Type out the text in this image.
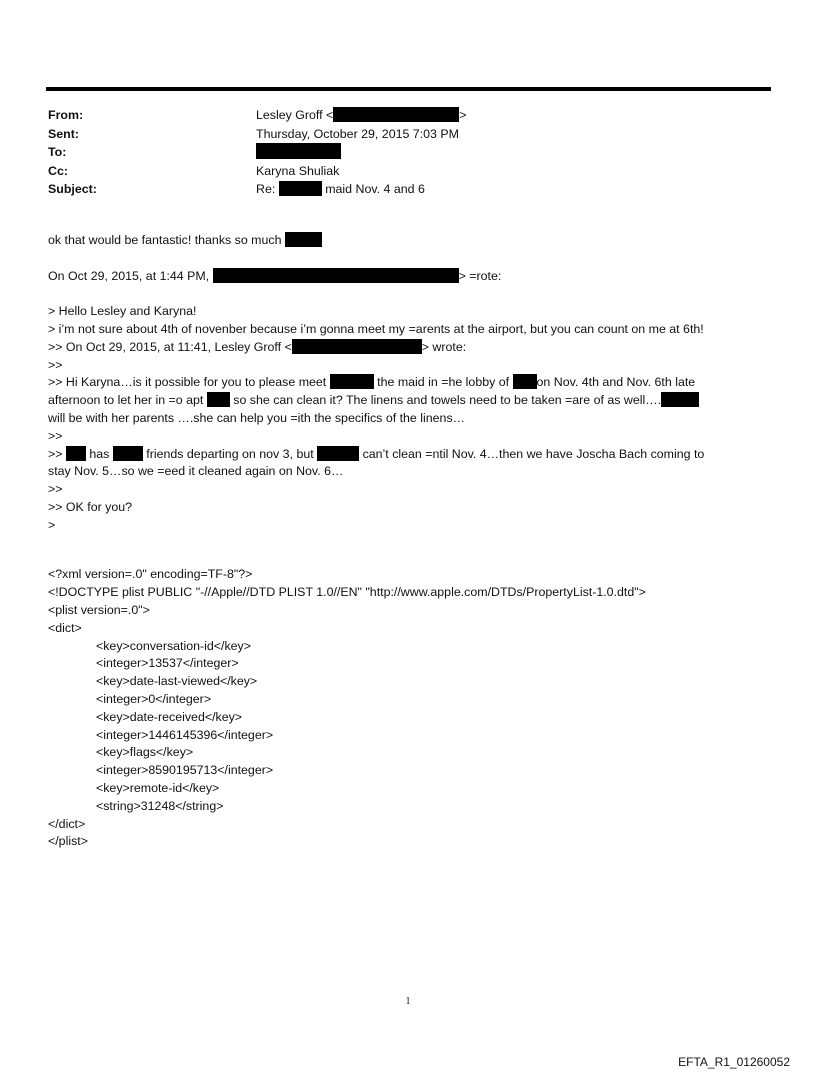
From:	Lesley Groff <	>
Sent:	Thursday, October 29, 2015 7:03 PM
To:
Cc:	Karyna Shuliak
Subject:	Re:	maid Nov. 4 and 6
ok that would be fantastic! thanks so much
On Oct 29, 2015, at 1:44 PM,	> =rote:
> Hello Lesley and Karyna!
> i’m not sure about 4th of novenber because i’m gonna meet my =arents at the airport, but you can count on me at 6th!
>> On Oct 29, 2015, at 11:41, Lesley Groff <	> wrote:
>>
>> Hi Karyna…is it possible for you to please meet	the maid in =he lobby of on Nov. 4th and Nov. 6th late
afternoon to let her in =o apt so she can clean it? The linens and towels need to be taken =are of as well….
will be with her parents ….she can help you =ith the specifics of the linens…
>>
>> has	friends departing on nov 3, but	can’t clean =ntil Nov. 4…then we have Joscha Bach coming to
stay Nov. 5…so we =eed it cleaned again on Nov. 6…
>>
>> OK for you?
>
<?xml version=.0" encoding=TF-8"?>
<!DOCTYPE plist PUBLIC "-//Apple//DTD PLIST 1.0//EN" "http://www.apple.com/DTDs/PropertyList-1.0.dtd">
<plist version=.0">
<dict>
<key>conversation-id</key>
<integer>13537</integer>
<key>date-last-viewed</key>
<integer>0</integer>
<key>date-received</key>
<integer>1446145396</integer>
<key>flags</key>
<integer>8590195713</integer>
<key>remote-id</key>
<string>31248</string>
</dict>
</plist>
1
EFTA_R1_01260052
